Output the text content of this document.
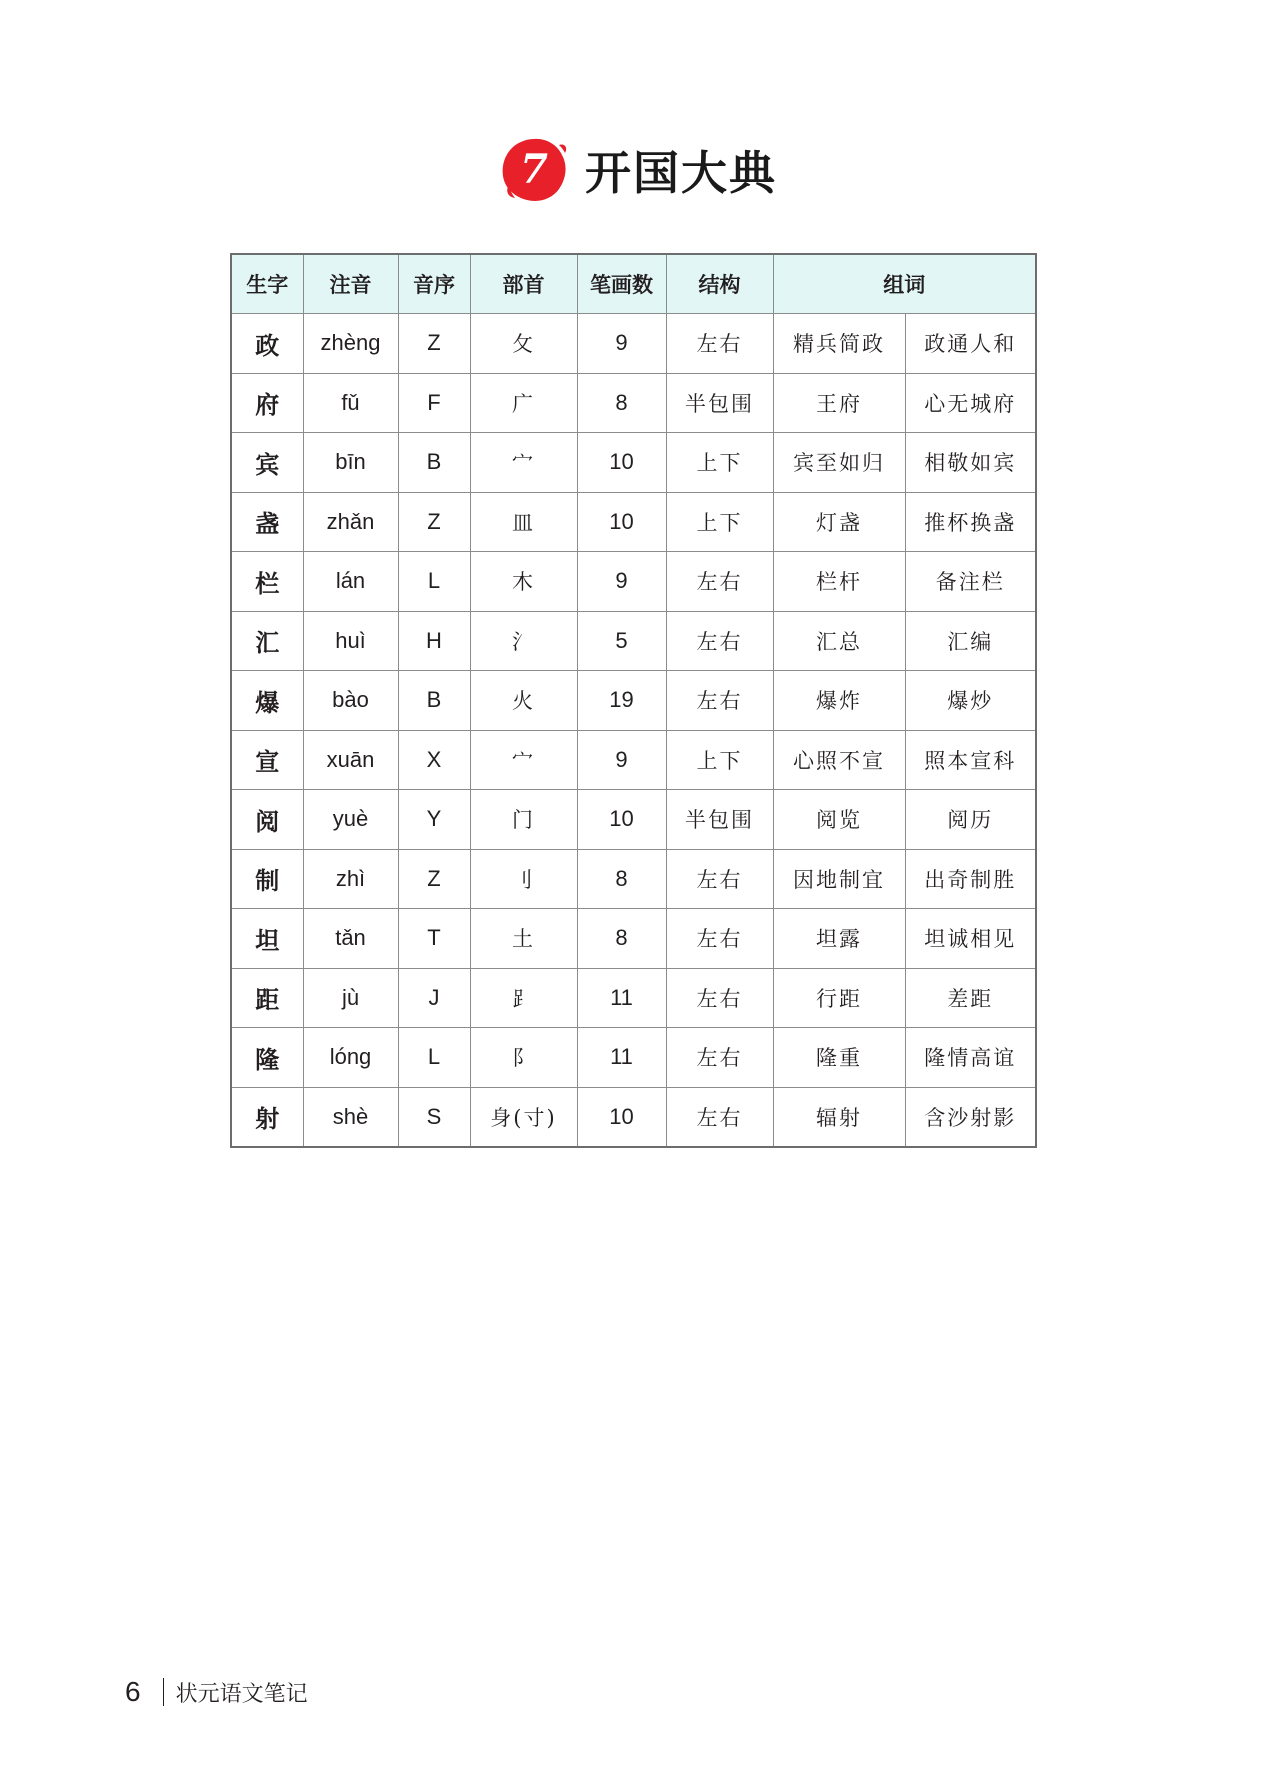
7 开国大典
生字	注音	音序	部首	笔画数	结构	组词	
政	zhèng	Z	攵	9	左右	精兵简政	政通人和
府	fǔ	F	广	8	半包围	王府	心无城府
宾	bīn	B	宀	10	上下	宾至如归	相敬如宾
盏	zhǎn	Z	皿	10	上下	灯盏	推杯换盏
栏	lán	L	木	9	左右	栏杆	备注栏
汇	huì	H	氵	5	左右	汇总	汇编
爆	bào	B	火	19	左右	爆炸	爆炒
宣	xuān	X	宀	9	上下	心照不宣	照本宣科
阅	yuè	Y	门	10	半包围	阅览	阅历
制	zhì	Z	刂	8	左右	因地制宜	出奇制胜
坦	tǎn	T	土	8	左右	坦露	坦诚相见
距	jù	J	⻊	11	左右	行距	差距
隆	lóng	L	阝	11	左右	隆重	隆情高谊
射	shè	S	身(寸)	10	左右	辐射	含沙射影
6 状元语文笔记
